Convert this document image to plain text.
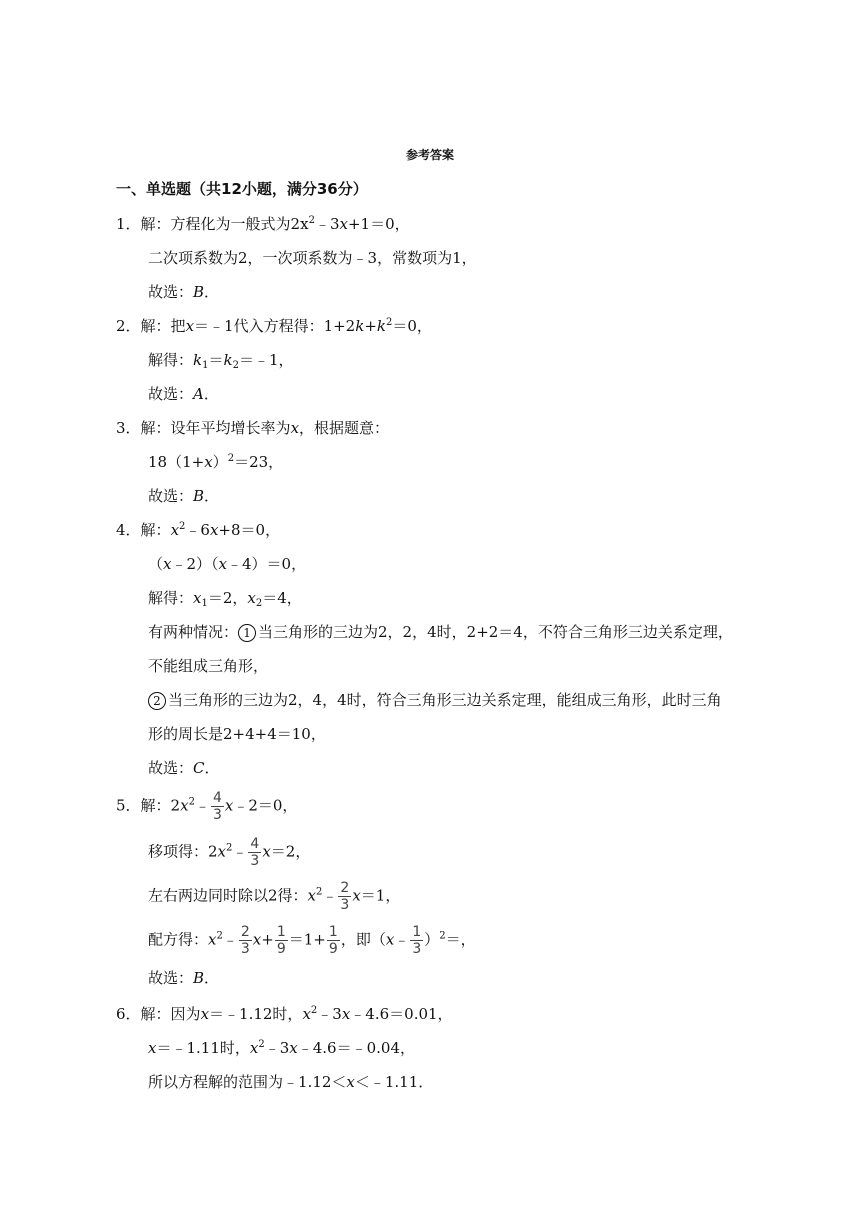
参考答案
一、单选题（共12小题，满分36分）
1．解：方程化为一般式为$2x^2﹣3x+1=0$，
二次项系数为2，一次项系数为﹣3，常数项为1，
故选：B．
2．解：把x＝﹣1代入方程得：$1+2k+k^2=0$，
解得：$k_1=k_2=﹣1$，
故选：A．
3．解：设年平均增长率为x，根据题意：
$18(1+x)^2=23$，
故选：B．
4．解：$x^2﹣6x+8=0$，
（x﹣2）（x﹣4）＝0，
解得：$x_1=2$，$x_2=4$，
有两种情况： 1 当三角形的三边为2，2，4时，2+2＝4，不符合三角形三边关系定理，
不能组成三角形，
2 当三角形的三边为2，4，4时，符合三角形三边关系定理，能组成三角形，此时三角
形的周长是2+4+4＝10，
故选：C．
5．解：$2x^2﹣ \frac{4}{3}$ x﹣2＝0，
移项得：$2x^2﹣ \frac{4}{3} x=2$，
左右两边同时除以2得：$x^2﹣ \frac{2}{3} x=1$，
配方得：$x^2﹣ \frac{2}{3} x+ \frac{1}{9} =1+ \frac{1}{9}$ ，即（x﹣ $\frac{1}{3} )^2=$，
故选：B．
6．解：因为x＝﹣1.12时，$x^2﹣3x﹣4.6=0.01$，
x＝﹣1.11时，$x^2﹣3x﹣4.6=﹣0.04$，
所以方程解的范围为﹣1.12＜x＜﹣1.11．
